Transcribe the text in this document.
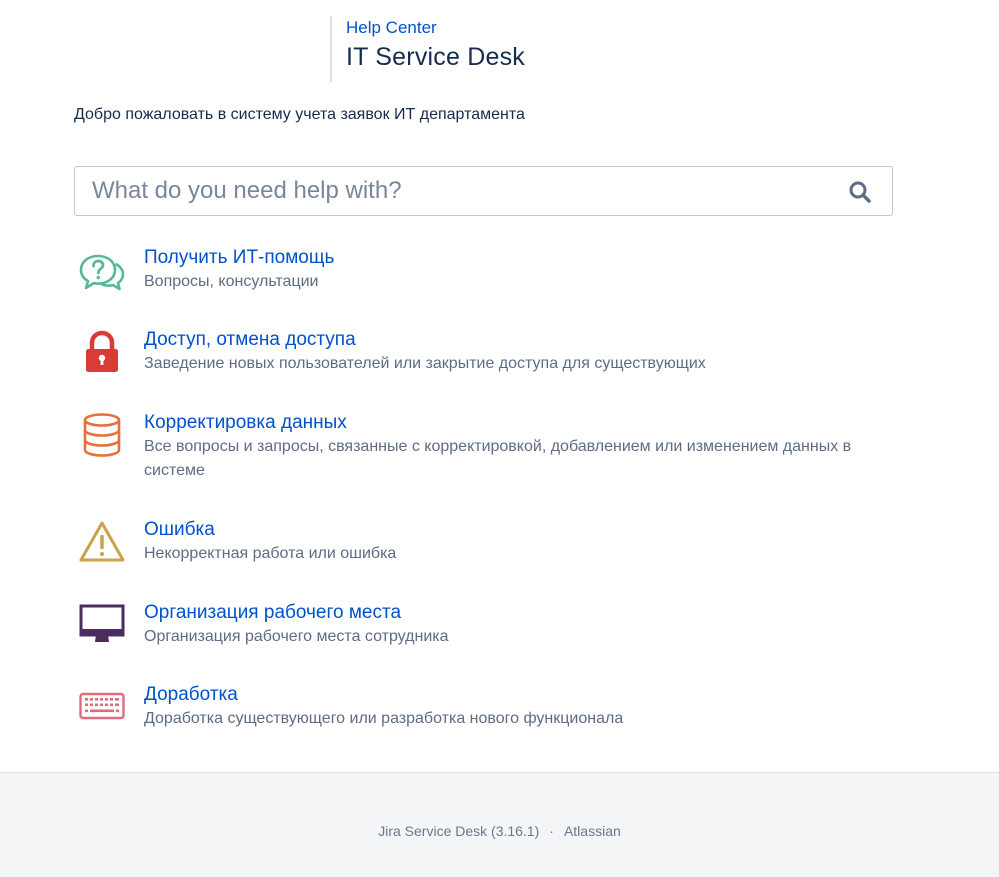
Help Center
IT Service Desk
Добро пожаловать в систему учета заявок ИТ департамента
What do you need help with?
Получить ИТ-помощь
Вопросы, консультации
Доступ, отмена доступа
Заведение новых пользователей или закрытие доступа для существующих
Корректировка данных
Все вопросы и запросы, связанные с корректировкой, добавлением или изменением данных в системе
Ошибка
Некорректная работа или ошибка
Организация рабочего места
Организация рабочего места сотрудника
Доработка
Доработка существующего или разработка нового функционала
Jira Service Desk (3.16.1) · Atlassian
